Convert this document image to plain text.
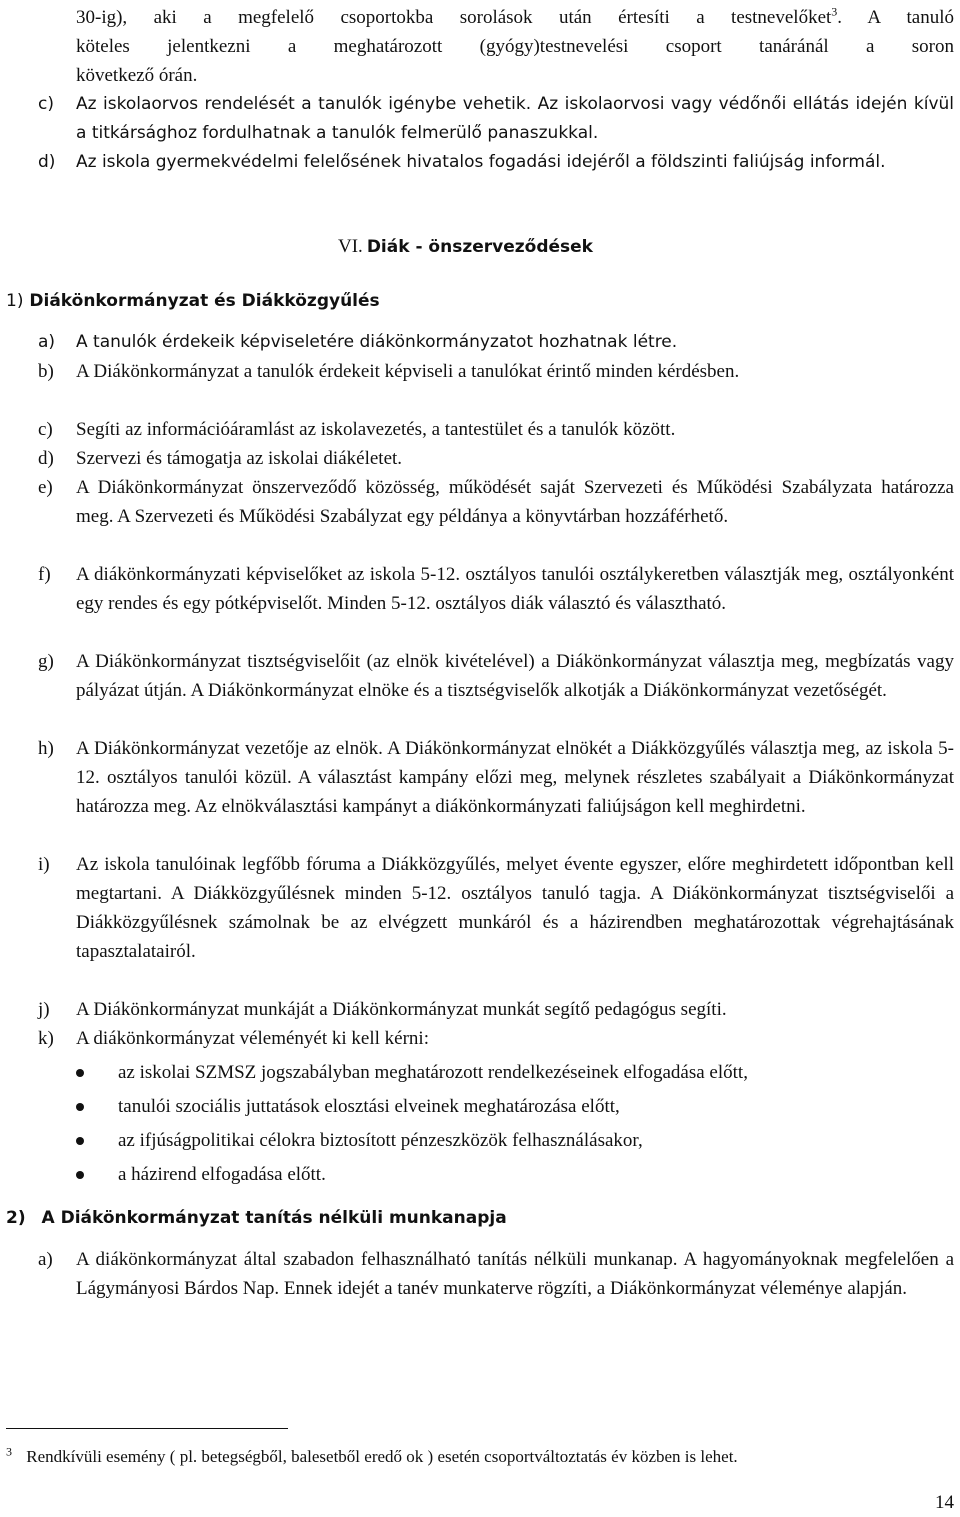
30-ig), aki a megfelelő csoportokba sorolások után értesíti a testnevelőket$^3$. A tanuló
köteles jelentkezni a meghatározott (gyógy)testnevelési csoport tanáránál a soron
következő órán.
c)	Az iskolaorvos rendelését a tanulók igénybe vehetik. Az iskolaorvosi vagy védőnői ellátás idején kívül a titkársághoz fordulhatnak a tanulók felmerülő panaszukkal.
d)	Az iskola gyermekvédelmi felelősének hivatalos fogadási idejéről a földszinti faliújság informál.
VI. Diák - önszerveződések
1) Diákönkormányzat és Diákközgyűlés
a)	A tanulók érdekeik képviseletére diákönkormányzatot hozhatnak létre.
b)	A Diákönkormányzat a tanulók érdekeit képviseli a tanulókat érintő minden kérdésben.
c)	Segíti az információáramlást az iskolavezetés, a tantestület és a tanulók között.
d)	Szervezi és támogatja az iskolai diákéletet.
e)	A Diákönkormányzat önszerveződő közösség, működését saját Szervezeti és Működési Szabályzata határozza meg. A Szervezeti és Működési Szabályzat egy példánya a könyvtárban hozzáférhető.
f)	A diákönkormányzati képviselőket az iskola 5-12. osztályos tanulói osztálykeretben választják meg, osztályonként egy rendes és egy pótképviselőt. Minden 5-12. osztályos diák választó és választható.
g)	A Diákönkormányzat tisztségviselőit (az elnök kivételével) a Diákönkormányzat választja meg, megbízatás vagy pályázat útján. A Diákönkormányzat elnöke és a tisztségviselők alkotják a Diákönkormányzat vezetőségét.
h)	A Diákönkormányzat vezetője az elnök. A Diákönkormányzat elnökét a Diákközgyűlés választja meg, az iskola 5-12. osztályos tanulói közül. A választást kampány előzi meg, melynek részletes szabályait a Diákönkormányzat határozza meg. Az elnökválasztási kampányt a diákönkormányzati faliújságon kell meghirdetni.
i)	Az iskola tanulóinak legfőbb fóruma a Diákközgyűlés, melyet évente egyszer, előre meghirdetett időpontban kell megtartani. A Diákközgyűlésnek minden 5-12. osztályos tanuló tagja. A Diákönkormányzat tisztségviselői a Diákközgyűlésnek számolnak be az elvégzett munkáról és a házirendben meghatározottak végrehajtásának tapasztalatairól.
j)	A Diákönkormányzat munkáját a Diákönkormányzat munkát segítő pedagógus segíti.
k)	A diákönkormányzat véleményét ki kell kérni:
az iskolai SZMSZ jogszabályban meghatározott rendelkezéseinek elfogadása előtt,
tanulói szociális juttatások elosztási elveinek meghatározása előtt,
az ifjúságpolitikai célokra biztosított pénzeszközök felhasználásakor,
a házirend elfogadása előtt.
2) A Diákönkormányzat tanítás nélküli munkanapja
a)	A diákönkormányzat által szabadon felhasználható tanítás nélküli munkanap. A hagyományoknak megfelelően a Lágymányosi Bárdos Nap. Ennek idejét a tanév munkaterve rögzíti, a Diákönkormányzat véleménye alapján.
$^3$ Rendkívüli esemény ( pl. betegségből, balesetből eredő ok ) esetén csoportváltoztatás év közben is lehet.
14
